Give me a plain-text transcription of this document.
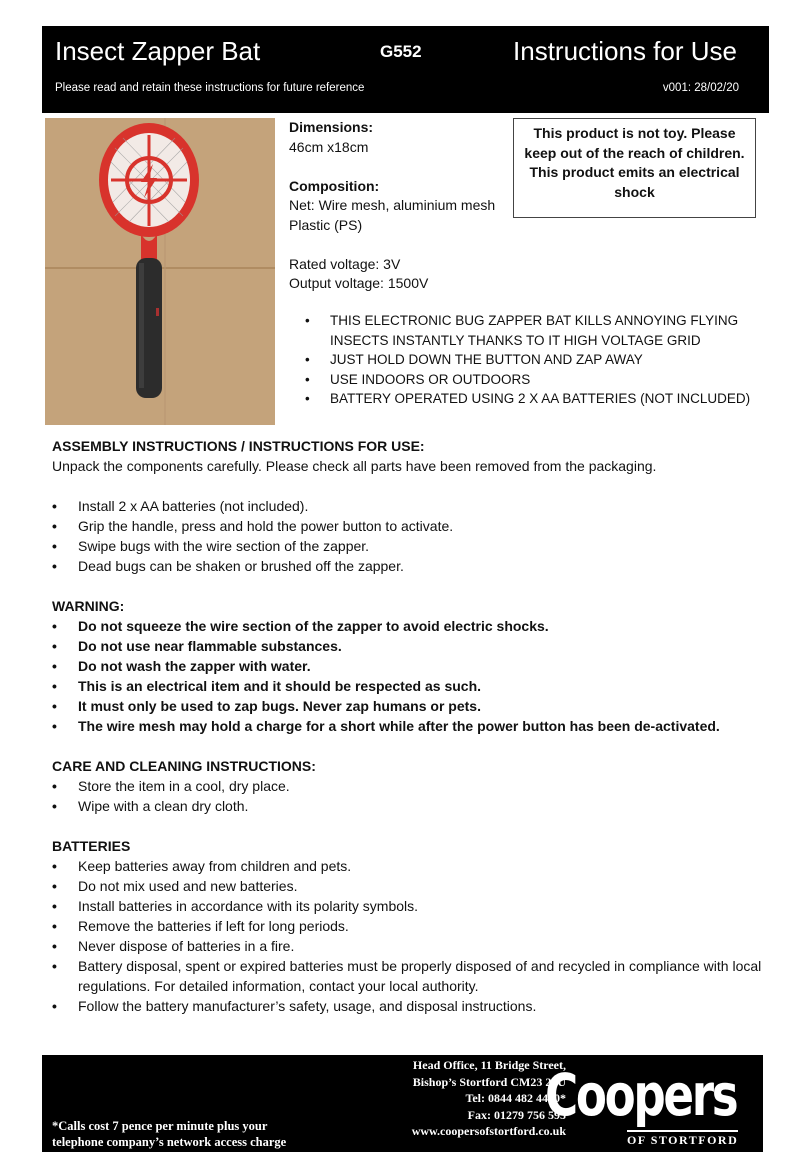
Insect Zapper Bat	G552	Instructions for Use
Please read and retain these instructions for future reference	v001: 28/02/20

Dimensions:

46cm x18cm

Composition:

Net: Wire mesh, aluminium mesh

Plastic (PS)

Rated voltage: 3V

Output voltage: 1500V

This product is not toy. Please keep out of the reach of children. This product emits an electrical shock
• THIS ELECTRONIC BUG ZAPPER BAT KILLS ANNOYING FLYING INSECTS INSTANTLY THANKS TO IT HIGH VOLTAGE GRID
• JUST HOLD DOWN THE BUTTON AND ZAP AWAY
• USE INDOORS OR OUTDOORS
• BATTERY OPERATED USING 2 X AA BATTERIES (NOT INCLUDED)
ASSEMBLY INSTRUCTIONS / INSTRUCTIONS FOR USE:

Unpack the components carefully. Please check all parts have been removed from the packaging.

• Install 2 x AA batteries (not included).
• Grip the handle, press and hold the power button to activate.
• Swipe bugs with the wire section of the zapper.
• Dead bugs can be shaken or brushed off the zapper.
WARNING:
• Do not squeeze the wire section of the zapper to avoid electric shocks.
• Do not use near flammable substances.
• Do not wash the zapper with water.
• This is an electrical item and it should be respected as such.
• It must only be used to zap bugs. Never zap humans or pets.
• The wire mesh may hold a charge for a short while after the power button has been de-activated.
CARE AND CLEANING INSTRUCTIONS:
• Store the item in a cool, dry place.
• Wipe with a clean dry cloth.
BATTERIES
• Keep batteries away from children and pets.
• Do not mix used and new batteries.
• Install batteries in accordance with its polarity symbols.
• Remove the batteries if left for long periods.
• Never dispose of batteries in a fire.
• Battery disposal, spent or expired batteries must be properly disposed of and recycled in compliance with local regulations. For detailed information, contact your local authority.
• Follow the battery manufacturer’s safety, usage, and disposal instructions.
Head Office, 11 Bridge Street,
Bishop’s Stortford CM23 2JU
Tel: 0844 482 4400*
Fax: 01279 756 595
www.coopersofstortford.co.uk
*Calls cost 7 pence per minute plus your
telephone company’s network access charge
Coopers
OF STORTFORD
